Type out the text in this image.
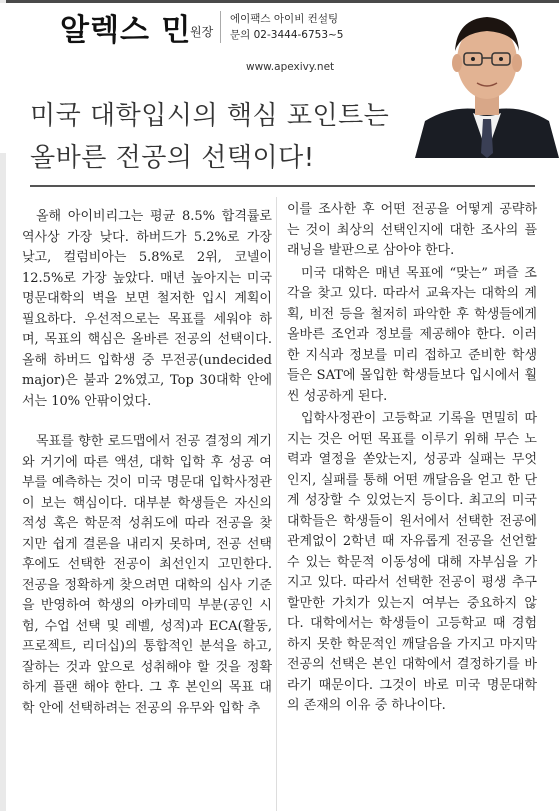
알렉스 민
원장
에이팩스 아이비 컨설팅
문의 02-3444-6753~5
www.apexivy.net
미국 대학입시의 핵심 포인트는
올바른 전공의 선택이다!

올해 아이비리그는 평균 8.5% 합격률로 역사상 가장 낮다. 하버드가 5.2%로 가장 낮고, 컬럼비아는 5.8%로 2위, 코넬이 12.5%로 가장 높았다. 매년 높아지는 미국 명문대학의 벽을 보면 철저한 입시 계획이 필요하다. 우선적으로는 목표를 세워야 하며, 목표의 핵심은 올바른 전공의 선택이다. 올해 하버드 입학생 중 무전공(undecided major)은 불과 2%였고, Top 30대학 안에서는 10% 안팎이었다.

목표를 향한 로드맵에서 전공 결정의 계기와 거기에 따른 액션, 대학 입학 후 성공 여부를 예측하는 것이 미국 명문대 입학사정관이 보는 핵심이다. 대부분 학생들은 자신의 적성 혹은 학문적 성취도에 따라 전공을 찾지만 쉽게 결론을 내리지 못하며, 전공 선택 후에도 선택한 전공이 최선인지 고민한다. 전공을 정확하게 찾으려면 대학의 심사 기준을 반영하여 학생의 아카데믹 부분(공인 시험, 수업 선택 및 레벨, 성적)과 ECA(활동, 프로젝트, 리더십)의 통합적인 분석을 하고, 잘하는 것과 앞으로 성취해야 할 것을 정확하게 플랜 해야 한다. 그 후 본인의 목표 대학 안에 선택하려는 전공의 유무와 입학 추

이를 조사한 후 어떤 전공을 어떻게 공략하는 것이 최상의 선택인지에 대한 조사의 플래닝을 발판으로 삼아야 한다.

미국 대학은 매년 목표에 “맞는” 퍼즐 조각을 찾고 있다. 따라서 교육자는 대학의 계획, 비전 등을 철저히 파악한 후 학생들에게 올바른 조언과 정보를 제공해야 한다. 이러한 지식과 정보를 미리 접하고 준비한 학생들은 SAT에 몰입한 학생들보다 입시에서 훨씬 성공하게 된다.

입학사정관이 고등학교 기록을 면밀히 따지는 것은 어떤 목표를 이루기 위해 무슨 노력과 열정을 쏟았는지, 성공과 실패는 무엇인지, 실패를 통해 어떤 깨달음을 얻고 한 단계 성장할 수 있었는지 등이다. 최고의 미국 대학들은 학생들이 원서에서 선택한 전공에 관계없이 2학년 때 자유롭게 전공을 선언할 수 있는 학문적 이동성에 대해 자부심을 가지고 있다. 따라서 선택한 전공이 평생 추구할만한 가치가 있는지 여부는 중요하지 않다. 대학에서는 학생들이 고등학교 때 경험하지 못한 학문적인 깨달음을 가지고 마지막 전공의 선택은 본인 대학에서 결정하기를 바라기 때문이다. 그것이 바로 미국 명문대학의 존재의 이유 중 하나이다.
